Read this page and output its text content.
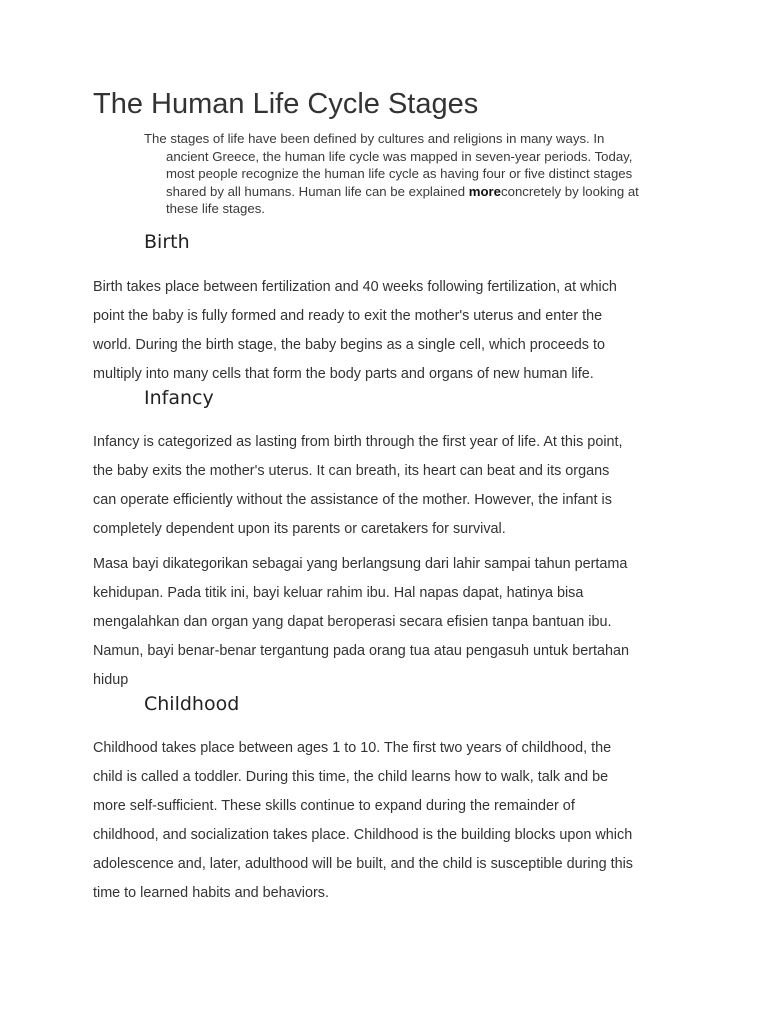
The Human Life Cycle Stages

The stages of life have been defined by cultures and religions in many ways. In
ancient Greece, the human life cycle was mapped in seven-year periods. Today,
most people recognize the human life cycle as having four or five distinct stages
shared by all humans. Human life can be explained moreconcretely by looking at
these life stages.

Birth

Birth takes place between fertilization and 40 weeks following fertilization, at which
point the baby is fully formed and ready to exit the mother's uterus and enter the
world. During the birth stage, the baby begins as a single cell, which proceeds to
multiply into many cells that form the body parts and organs of new human life.

Infancy

Infancy is categorized as lasting from birth through the first year of life. At this point,
the baby exits the mother's uterus. It can breath, its heart can beat and its organs
can operate efficiently without the assistance of the mother. However, the infant is
completely dependent upon its parents or caretakers for survival.

Masa bayi dikategorikan sebagai yang berlangsung dari lahir sampai tahun pertama
kehidupan. Pada titik ini, bayi keluar rahim ibu. Hal napas dapat, hatinya bisa
mengalahkan dan organ yang dapat beroperasi secara efisien tanpa bantuan ibu.
Namun, bayi benar-benar tergantung pada orang tua atau pengasuh untuk bertahan
hidup

Childhood

Childhood takes place between ages 1 to 10. The first two years of childhood, the
child is called a toddler. During this time, the child learns how to walk, talk and be
more self-sufficient. These skills continue to expand during the remainder of
childhood, and socialization takes place. Childhood is the building blocks upon which
adolescence and, later, adulthood will be built, and the child is susceptible during this
time to learned habits and behaviors.
